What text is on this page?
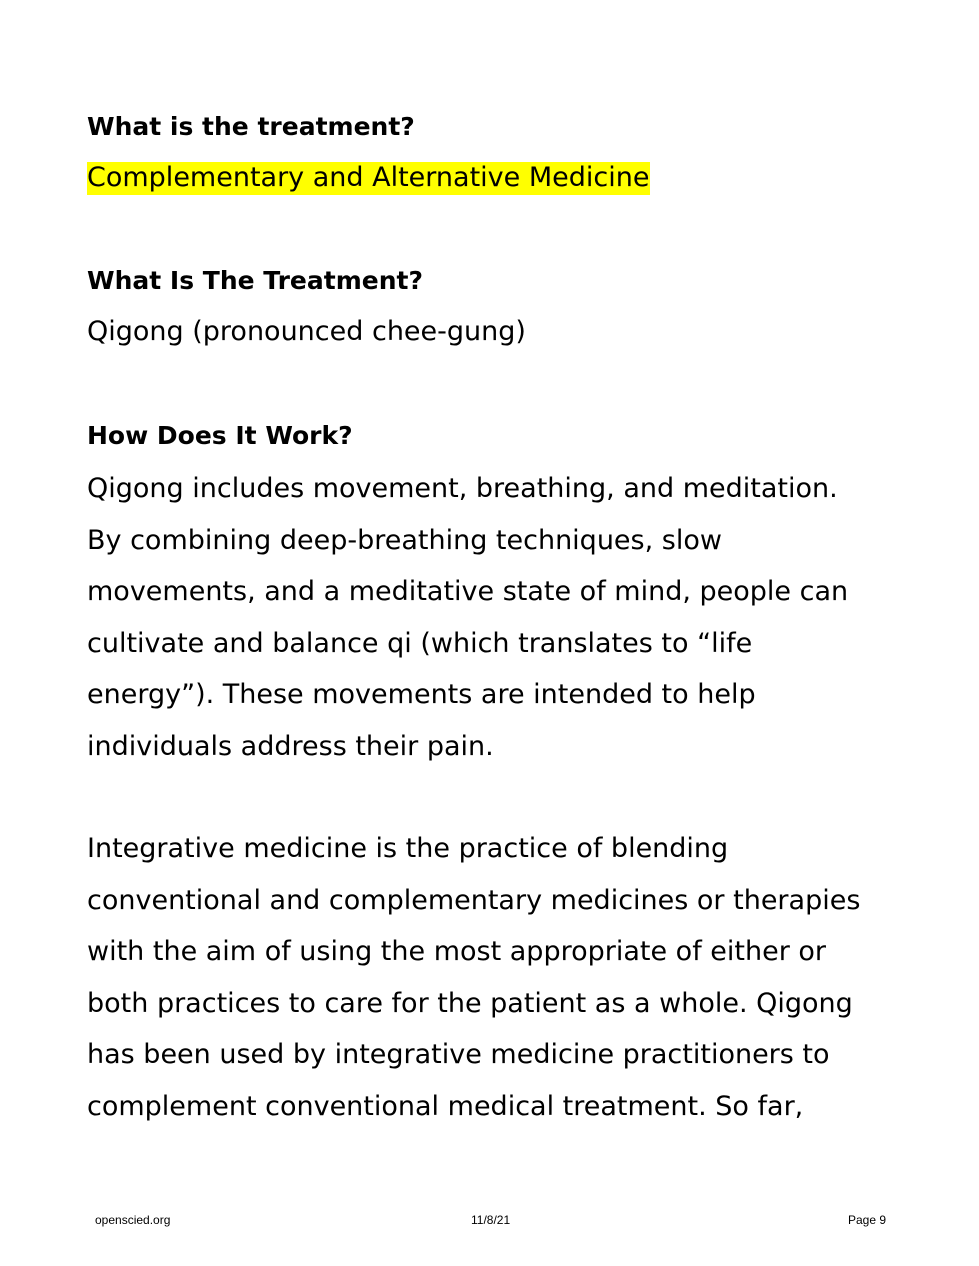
What is the treatment?

Complementary and Alternative Medicine

What Is The Treatment?

Qigong (pronounced chee-gung)

How Does It Work?

Qigong includes movement, breathing, and meditation.
By combining deep-breathing techniques, slow
movements, and a meditative state of mind, people can
cultivate and balance qi (which translates to “life
energy”). These movements are intended to help
individuals address their pain.

Integrative medicine is the practice of blending
conventional and complementary medicines or therapies
with the aim of using the most appropriate of either or
both practices to care for the patient as a whole. Qigong
has been used by integrative medicine practitioners to
complement conventional medical treatment. So far,

openscied.org	11/8/21	Page 9
